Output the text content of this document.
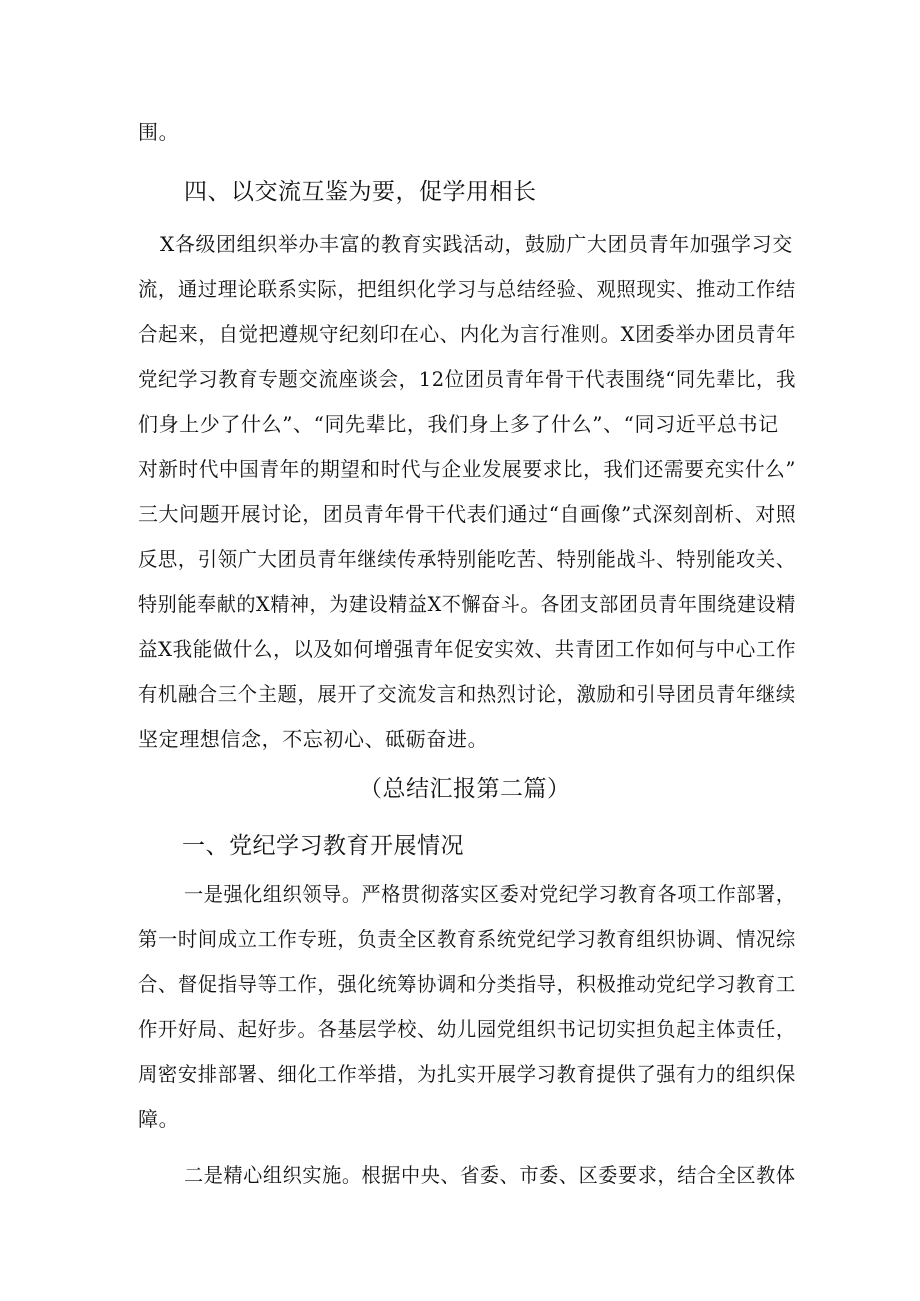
围。
四、以交流互鉴为要，促学用相长
X各级团组织举办丰富的教育实践活动，鼓励广大团员青年加强学习交
流，通过理论联系实际，把组织化学习与总结经验、观照现实、推动工作结
合起来，自觉把遵规守纪刻印在心、内化为言行准则。X团委举办团员青年
党纪学习教育专题交流座谈会，12位团员青年骨干代表围绕“同先辈比，我
们身上少了什么”、“同先辈比，我们身上多了什么”、“同习近平总书记
对新时代中国青年的期望和时代与企业发展要求比，我们还需要充实什么”
三大问题开展讨论，团员青年骨干代表们通过“自画像”式深刻剖析、对照
反思，引领广大团员青年继续传承特别能吃苦、特别能战斗、特别能攻关、
特别能奉献的X精神，为建设精益X不懈奋斗。各团支部团员青年围绕建设精
益X我能做什么，以及如何增强青年促安实效、共青团工作如何与中心工作
有机融合三个主题，展开了交流发言和热烈讨论，激励和引导团员青年继续
坚定理想信念，不忘初心、砥砺奋进。
（总结汇报第二篇）
一、党纪学习教育开展情况
一是强化组织领导。严格贯彻落实区委对党纪学习教育各项工作部署，
第一时间成立工作专班，负责全区教育系统党纪学习教育组织协调、情况综
合、督促指导等工作，强化统筹协调和分类指导，积极推动党纪学习教育工
作开好局、起好步。各基层学校、幼儿园党组织书记切实担负起主体责任，
周密安排部署、细化工作举措，为扎实开展学习教育提供了强有力的组织保
障。
二是精心组织实施。根据中央、省委、市委、区委要求，结合全区教体
